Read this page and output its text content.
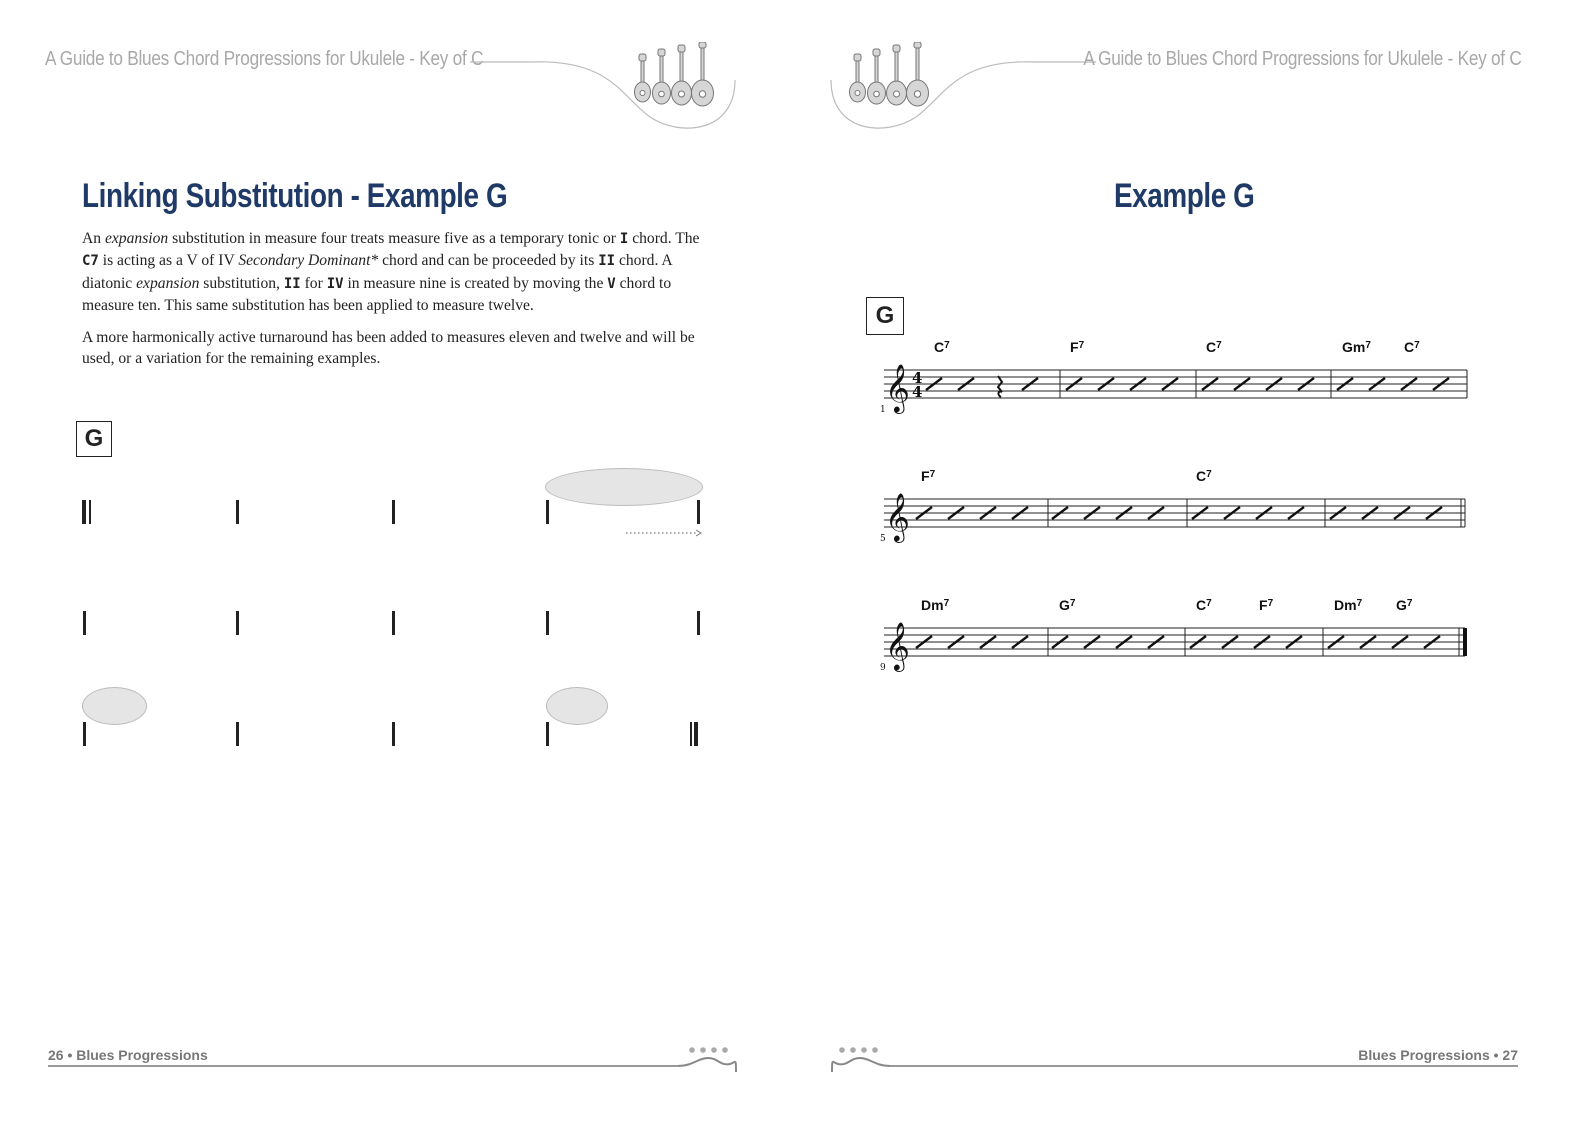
A Guide to Blues Chord Progressions for Ukulele - Key of C	A Guide to Blues Chord Progressions for Ukulele - Key of C
Linking Substitution - Example G

An expansion substitution in measure four treats measure five as a temporary tonic or I chord. The C7 is acting as a V of IV Secondary Dominant* chord and can be proceeded by its II chord. A diatonic expansion substitution, II for IV in measure nine is created by moving the V chord to measure ten. This same substitution has been applied to measure twelve.

A more harmonically active turnaround has been added to measures eleven and twelve and will be used, or a variation for the remaining examples.

G
Example G
G
𝄞 4
4
1
$C^7$	$F^7$	$C^7$	Gm$^7$ $C^7$
𝄞
5
$F^7$	$C^7$
𝄞
9
Dm$^7$	$G^7$	$C^7$	$F^7$	Dm$^7$ $G^7$
26 • Blues Progressions	Blues Progressions • 27
